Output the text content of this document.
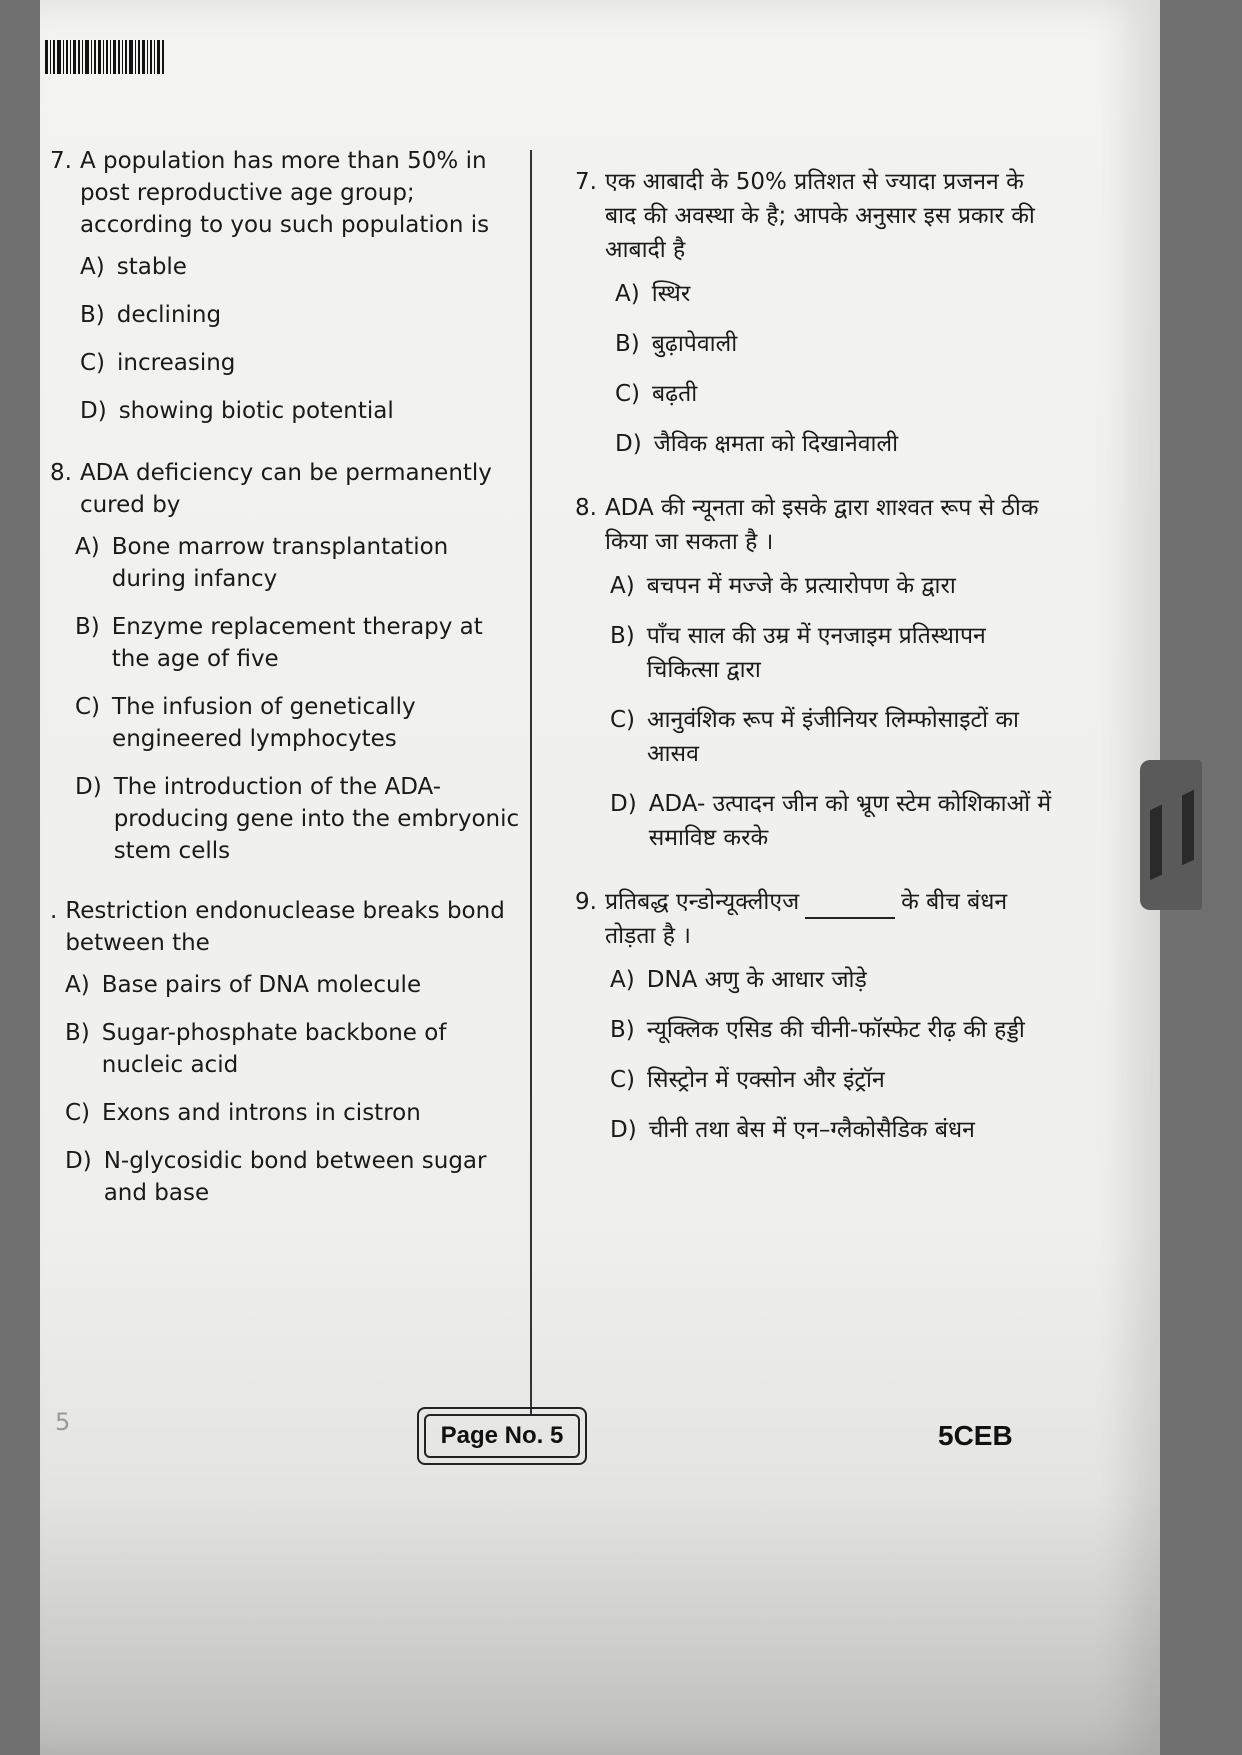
7. A population has more than 50% in post reproductive age group; according to you such population is
A) stable
B) declining
C) increasing
D) showing biotic potential
8. ADA deficiency can be permanently cured by
A) Bone marrow transplantation during infancy
B) Enzyme replacement therapy at the age of five
C) The infusion of genetically engineered lymphocytes
D) The introduction of the ADA-producing gene into the embryonic stem cells
. Restriction endonuclease breaks bond between the
A) Base pairs of DNA molecule
B) Sugar-phosphate backbone of nucleic acid
C) Exons and introns in cistron
D) N-glycosidic bond between sugar and base
7. एक आबादी के 50% प्रतिशत से ज्यादा प्रजनन के बाद की अवस्था के है; आपके अनुसार इस प्रकार की आबादी है
A) स्थिर
B) बुढ़ापेवाली
C) बढ़ती
D) जैविक क्षमता को दिखानेवाली
8. ADA की न्यूनता को इसके द्वारा शाश्वत रूप से ठीक किया जा सकता है ।
A) बचपन में मज्जे के प्रत्यारोपण के द्वारा
B) पाँच साल की उम्र में एनजाइम प्रतिस्थापन चिकित्सा द्वारा
C) आनुवंशिक रूप में इंजीनियर लिम्फोसाइटों का आसव
D) ADA- उत्पादन जीन को भ्रूण स्टेम कोशिकाओं में समाविष्ट करके
9. प्रतिबद्ध एन्डोन्यूक्लीएज	के बीच बंधन तोड़ता है ।
A) DNA अणु के आधार जोड़े
B) न्यूक्लिक एसिड की चीनी-फॉस्फेट रीढ़ की हड्डी
C) सिस्ट्रोन में एक्सोन और इंट्रॉन
D) चीनी तथा बेस में एन–ग्लैकोसैडिक बंधन
5	Page No. 5	5CEB
